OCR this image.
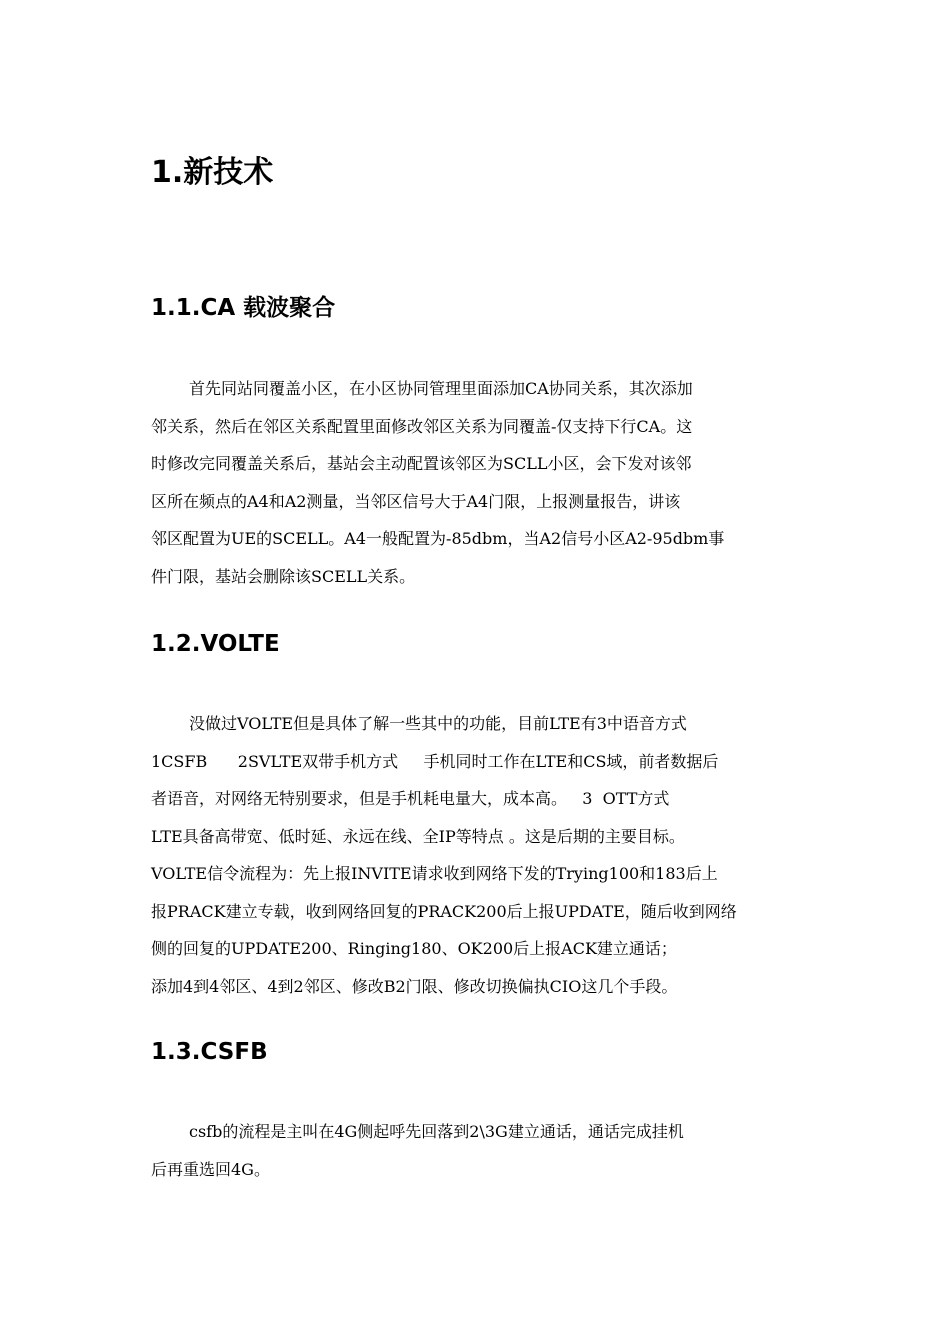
1.新技术
1.1.CA 载波聚合
首先同站同覆盖小区，在小区协同管理里面添加CA协同关系，其次添加
邻关系，然后在邻区关系配置里面修改邻区关系为同覆盖-仅支持下行CA。这
时修改完同覆盖关系后，基站会主动配置该邻区为SCLL小区，会下发对该邻
区所在频点的A4和A2测量，当邻区信号大于A4门限，上报测量报告，讲该
邻区配置为UE的SCELL。A4一般配置为-85dbm，当A2信号小区A2-95dbm事
件门限，基站会删除该SCELL关系。
1.2.VOLTE
没做过VOLTE但是具体了解一些其中的功能，目前LTE有3中语音方式
1CSFB      2SVLTE双带手机方式     手机同时工作在LTE和CS域，前者数据后
者语音，对网络无特别要求，但是手机耗电量大，成本高。   3  OTT方式
LTE具备高带宽、低时延、永远在线、全IP等特点 。这是后期的主要目标。
VOLTE信令流程为：先上报INVITE请求收到网络下发的Trying100和183后上
报PRACK建立专载，收到网络回复的PRACK200后上报UPDATE，随后收到网络
侧的回复的UPDATE200、Ringing180、OK200后上报ACK建立通话；
添加4到4邻区、4到2邻区、修改B2门限、修改切换偏执CIO这几个手段。
1.3.CSFB
csfb的流程是主叫在4G侧起呼先回落到2\3G建立通话，通话完成挂机
后再重选回4G。
